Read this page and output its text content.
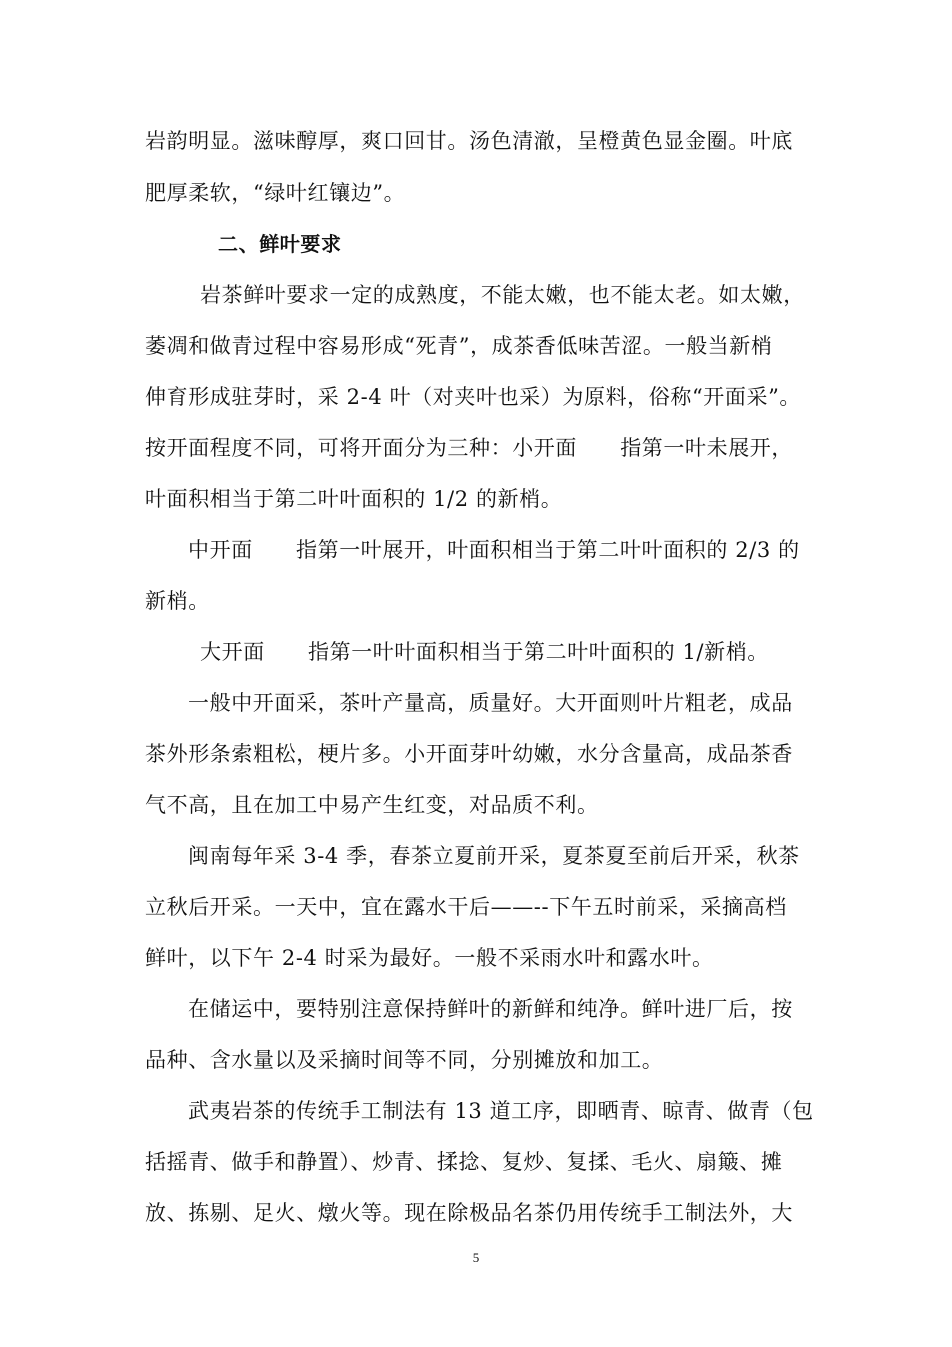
岩韵明显。滋味醇厚，爽口回甘。汤色清澈，呈橙黄色显金圈。叶底
肥厚柔软，“绿叶红镶边”。
二、鲜叶要求
岩茶鲜叶要求一定的成熟度，不能太嫩，也不能太老。如太嫩，
萎凋和做青过程中容易形成“死青”，成茶香低味苦涩。一般当新梢
伸育形成驻芽时，采 2-4 叶（对夹叶也采）为原料，俗称“开面采”。
按开面程度不同，可将开面分为三种：小开面　　指第一叶未展开，
叶面积相当于第二叶叶面积的 1/2 的新梢。
中开面　　指第一叶展开，叶面积相当于第二叶叶面积的 2/3 的
新梢。
大开面　　指第一叶叶面积相当于第二叶叶面积的 1/新梢。
一般中开面采，茶叶产量高，质量好。大开面则叶片粗老，成品
茶外形条索粗松，梗片多。小开面芽叶幼嫩，水分含量高，成品茶香
气不高，且在加工中易产生红变，对品质不利。
闽南每年采 3-4 季，春茶立夏前开采，夏茶夏至前后开采，秋茶
立秋后开采。一天中，宜在露水干后——--下午五时前采，采摘高档
鲜叶，以下午 2-4 时采为最好。一般不采雨水叶和露水叶。
在储运中，要特别注意保持鲜叶的新鲜和纯净。鲜叶进厂后，按
品种、含水量以及采摘时间等不同，分别摊放和加工。
武夷岩茶的传统手工制法有 13 道工序，即晒青、晾青、做青（包
括摇青、做手和静置）、炒青、揉捻、复炒、复揉、毛火、扇簸、摊
放、拣剔、足火、燉火等。现在除极品名茶仍用传统手工制法外，大
5
